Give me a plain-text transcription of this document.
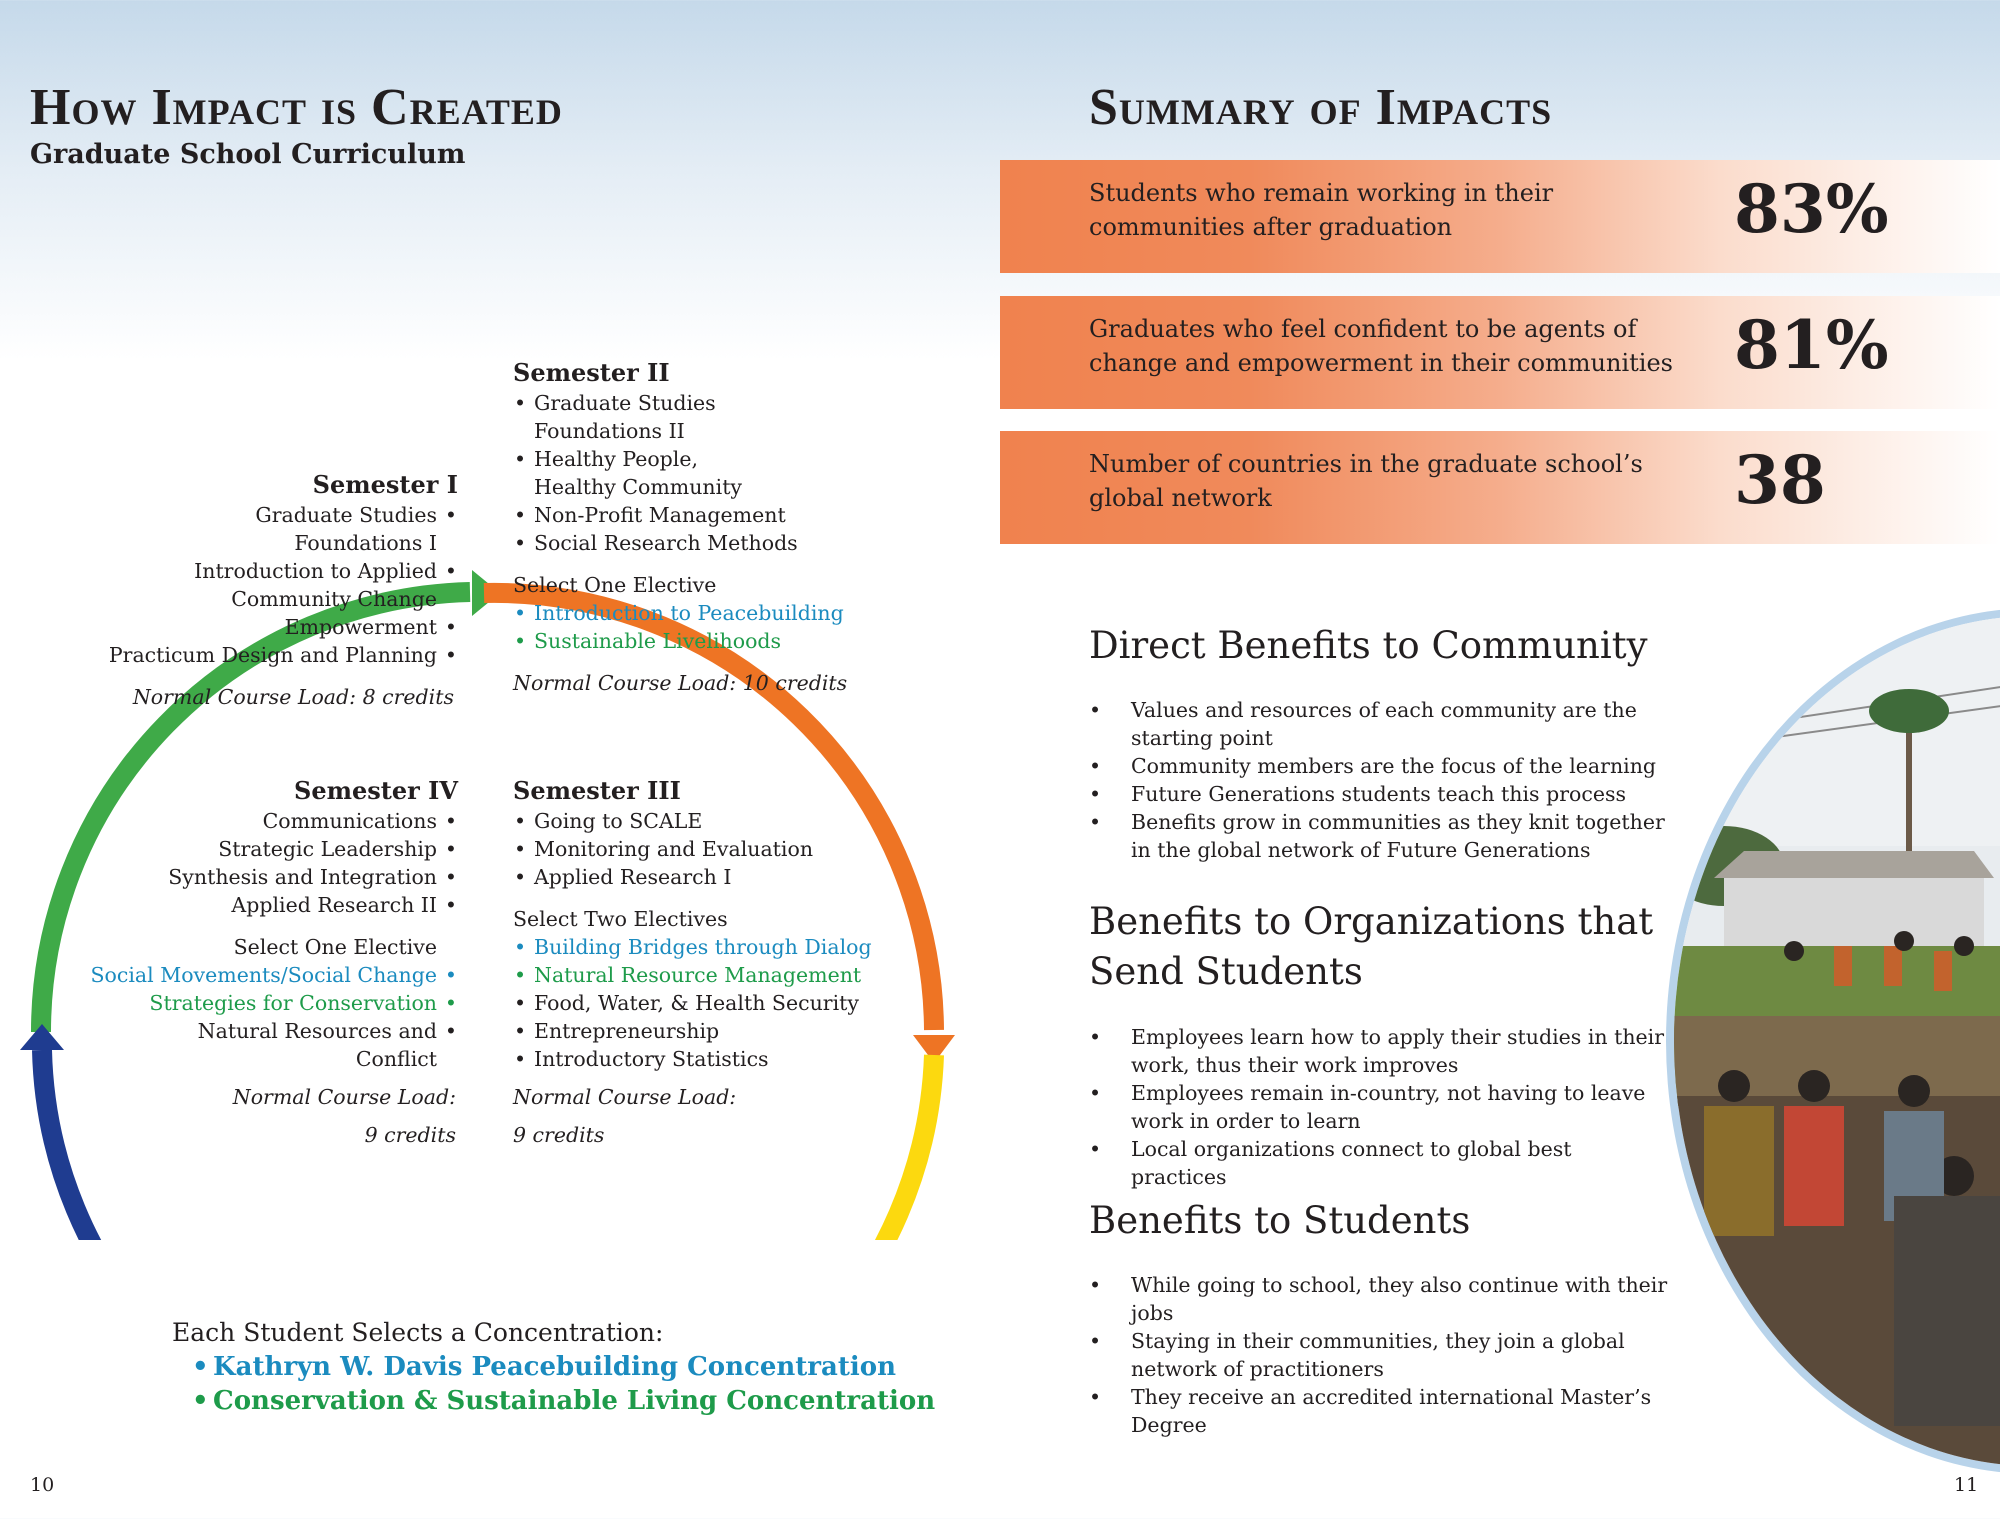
How Impact is Created
Graduate School Curriculum
Semester I
Graduate Studies •
Foundations I
Introduction to Applied •
Community Change
Empowerment •
Practicum Design and Planning •
Normal Course Load: 8 credits
Semester II
• Graduate Studies
Foundations II
• Healthy People,
Healthy Community
• Non-Profit Management
• Social Research Methods
Select One Elective
• Introduction to Peacebuilding
• Sustainable Livelihoods
Normal Course Load: 10 credits
Semester III
• Going to SCALE
• Monitoring and Evaluation
• Applied Research I
Select Two Electives
• Building Bridges through Dialog
• Natural Resource Management
• Food, Water, & Health Security
• Entrepreneurship
• Introductory Statistics
Normal Course Load:
9 credits
Semester IV
Communications •
Strategic Leadership •
Synthesis and Integration •
Applied Research II •
Select One Elective
Social Movements/Social Change •
Strategies for Conservation •
Natural Resources and •
Conflict
Normal Course Load:
9 credits
Each Student Selects a Concentration:
• Kathryn W. Davis Peacebuilding Concentration
• Conservation & Sustainable Living Concentration
10
Summary of Impacts
Students who remain working in their communities after graduation	83%
Graduates who feel confident to be agents of change and empowerment in their communities 81%
Number of countries in the graduate school’s global network	38
Direct Benefits to Community
• Values and resources of each community are the starting point
• Community members are the focus of the learning
• Future Generations students teach this process
• Benefits grow in communities as they knit together in the global network of Future Generations
Benefits to Organizations that
Send Students
• Employees learn how to apply their studies in their work, thus their work improves
• Employees remain in-country, not having to leave work in order to learn
• Local organizations connect to global best practices
Benefits to Students
• While going to school, they also continue with their jobs
• Staying in their communities, they join a global network of practitioners
• They receive an accredited international Master’s Degree
11
